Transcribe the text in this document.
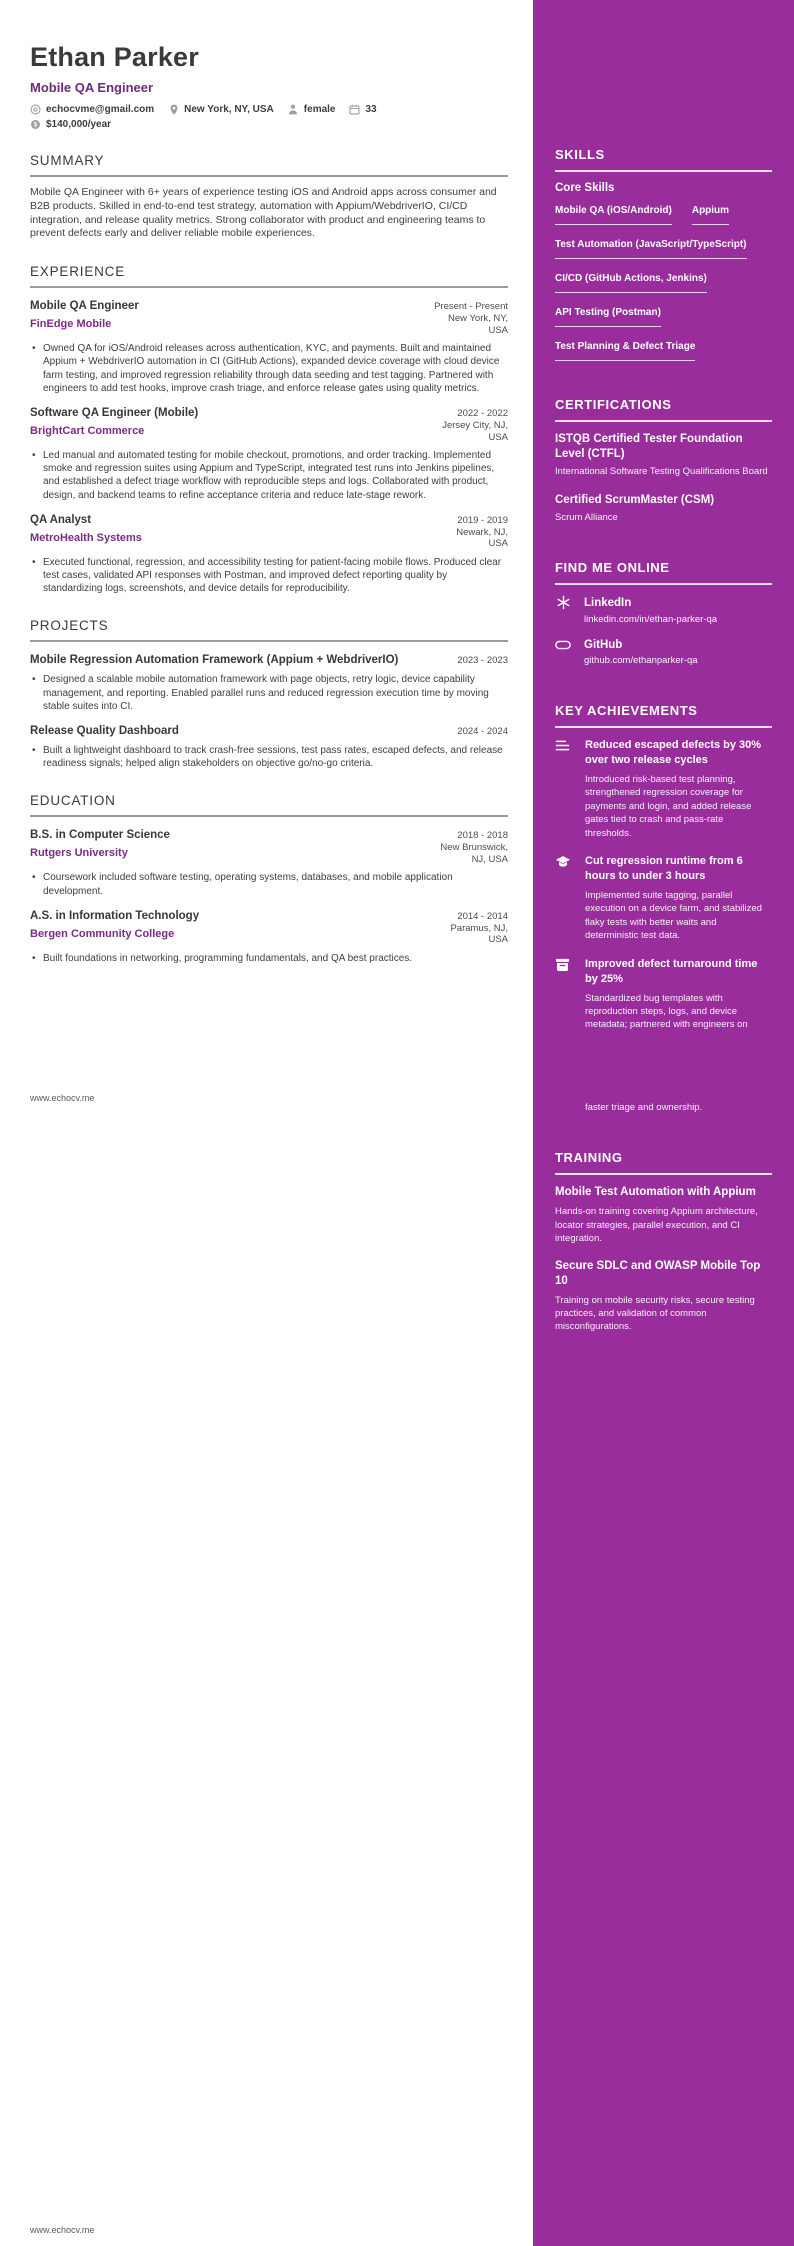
Ethan Parker
Mobile QA Engineer
echocvme@gmail.com	New York, NY, USA	female	33
$ $140,000/year
SUMMARY
Mobile QA Engineer with 6+ years of experience testing iOS and Android apps across consumer and B2B products. Skilled in end-to-end test strategy, automation with Appium/WebdriverIO, CI/CD integration, and release quality metrics. Strong collaborator with product and engineering teams to prevent defects early and deliver reliable mobile experiences.
EXPERIENCE
Mobile QA Engineer	Present - Present
FinEdge Mobile	New York, NY, USA
• Owned QA for iOS/Android releases across authentication, KYC, and payments. Built and maintained Appium + WebdriverIO automation in CI (GitHub Actions), expanded device coverage with cloud device farm testing, and improved regression reliability through data seeding and test tagging. Partnered with engineers to add test hooks, improve crash triage, and enforce release gates using quality metrics.
Software QA Engineer (Mobile)	2022 - 2022
BrightCart Commerce	Jersey City, NJ, USA
• Led manual and automated testing for mobile checkout, promotions, and order tracking. Implemented smoke and regression suites using Appium and TypeScript, integrated test runs into Jenkins pipelines, and established a defect triage workflow with reproducible steps and logs. Collaborated with product, design, and backend teams to refine acceptance criteria and reduce late-stage rework.
QA Analyst	2019 - 2019
MetroHealth Systems	Newark, NJ, USA
• Executed functional, regression, and accessibility testing for patient-facing mobile flows. Produced clear test cases, validated API responses with Postman, and improved defect reporting quality by standardizing logs, screenshots, and device details for reproducibility.
PROJECTS
Mobile Regression Automation Framework (Appium + WebdriverIO)	2023 - 2023
• Designed a scalable mobile automation framework with page objects, retry logic, device capability management, and reporting. Enabled parallel runs and reduced regression execution time by moving stable suites into CI.
Release Quality Dashboard	2024 - 2024
• Built a lightweight dashboard to track crash-free sessions, test pass rates, escaped defects, and release readiness signals; helped align stakeholders on objective go/no-go criteria.
EDUCATION
B.S. in Computer Science	2018 - 2018
Rutgers University	New Brunswick, NJ, USA
• Coursework included software testing, operating systems, databases, and mobile application development.
A.S. in Information Technology	2014 - 2014
Bergen Community College	Paramus, NJ, USA
• Built foundations in networking, programming fundamentals, and QA best practices.
SKILLS
Core Skills
Mobile QA (iOS/Android) Appium
Test Automation (JavaScript/TypeScript)
CI/CD (GitHub Actions, Jenkins)
API Testing (Postman)
Test Planning & Defect Triage
CERTIFICATIONS
ISTQB Certified Tester Foundation Level (CTFL)
International Software Testing Qualifications Board
Certified ScrumMaster (CSM)
Scrum Alliance
FIND ME ONLINE
LinkedIn
linkedin.com/in/ethan-parker-qa
GitHub
github.com/ethanparker-qa
KEY ACHIEVEMENTS
Reduced escaped defects by 30% over two release cycles
Introduced risk-based test planning, strengthened regression coverage for payments and login, and added release gates tied to crash and pass-rate thresholds.
Cut regression runtime from 6 hours to under 3 hours
Implemented suite tagging, parallel execution on a device farm, and stabilized flaky tests with better waits and deterministic test data.
Improved defect turnaround time by 25%
Standardized bug templates with reproduction steps, logs, and device metadata; partnered with engineers on
faster triage and ownership.
TRAINING
Mobile Test Automation with Appium
Hands-on training covering Appium architecture, locator strategies, parallel execution, and CI integration.
Secure SDLC and OWASP Mobile Top 10
Training on mobile security risks, secure testing practices, and validation of common misconfigurations.
www.echocv.me
www.echocv.me
